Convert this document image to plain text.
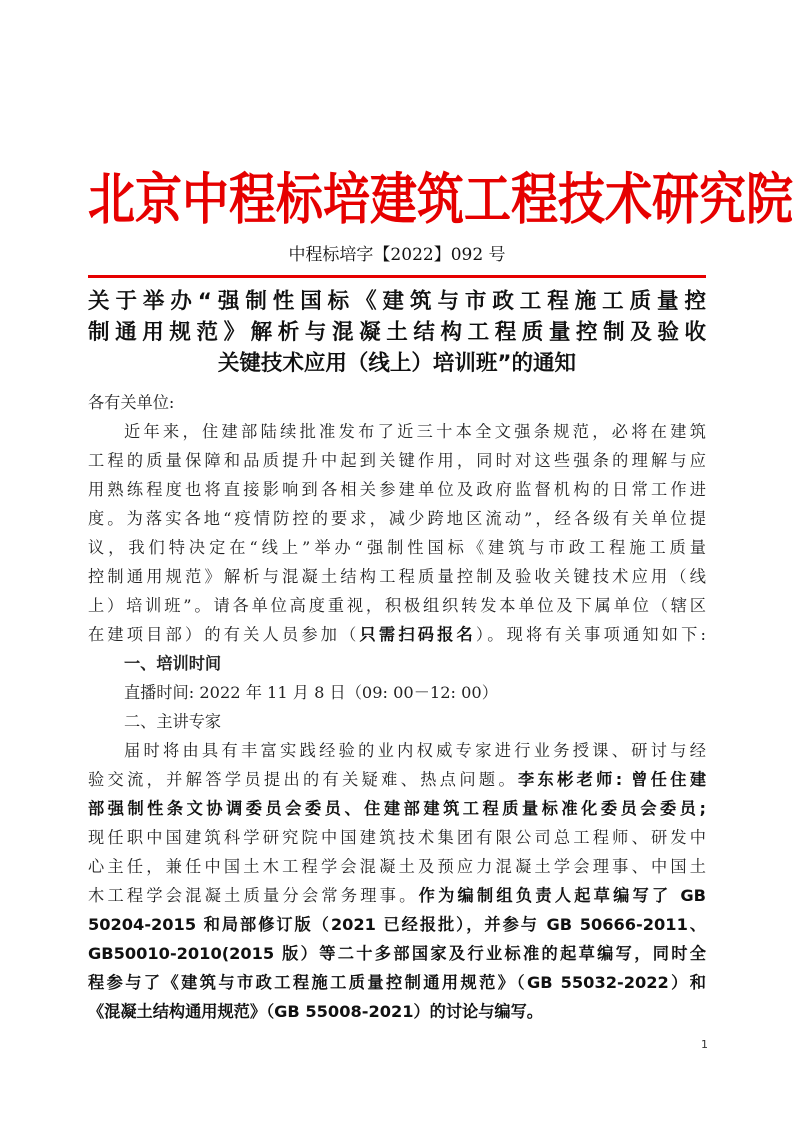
北 京 中 程 标 培 建 筑 工 程 技 术 研 究 院
中程标培字【2022】092 号
关于举办“强制性国标《建筑与市政工程施工质量控
制通用规范》解析与混凝土结构工程质量控制及验收
关键技术应用（线上）培训班”的通知

各有关单位:

近年来，住建部陆续批准发布了近三十本全文强条规范，必将在建筑
工程的质量保障和品质提升中起到关键作用，同时对这些强条的理解与应
用熟练程度也将直接影响到各相关参建单位及政府监督机构的日常工作进
度。为落实各地“疫情防控的要求，减少跨地区流动”，经各级有关单位提
议，我们特决定在“线上”举办“强制性国标《建筑与市政工程施工质量
控制通用规范》解析与混凝土结构工程质量控制及验收关键技术应用（线
上）培训班”。请各单位高度重视，积极组织转发本单位及下属单位（辖区
在建项目部）的有关人员参加（只需扫码报名）。现将有关事项通知如下:

一、培训时间

直播时间: 2022 年 11 月 8 日（09: 00－12: 00）

二、主讲专家

届时将由具有丰富实践经验的业内权威专家进行业务授课、研讨与经
验交流，并解答学员提出的有关疑难、热点问题。李东彬老师: 曾任住建
部强制性条文协调委员会委员、住建部建筑工程质量标准化委员会委员;
现任职中国建筑科学研究院中国建筑技术集团有限公司总工程师、研发中
心主任，兼任中国土木工程学会混凝土及预应力混凝土学会理事、中国土
木工程学会混凝土质量分会常务理事。作为编制组负责人起草编写了 GB
50204-2015 和局部修订版（2021 已经报批），并参与 GB 50666-2011、
GB50010-2010(2015 版）等二十多部国家及行业标准的起草编写，同时全
程参与了《建筑与市政工程施工质量控制通用规范》（GB 55032-2022）和
《混凝土结构通用规范》（GB 55008-2021）的讨论与编写。
1
